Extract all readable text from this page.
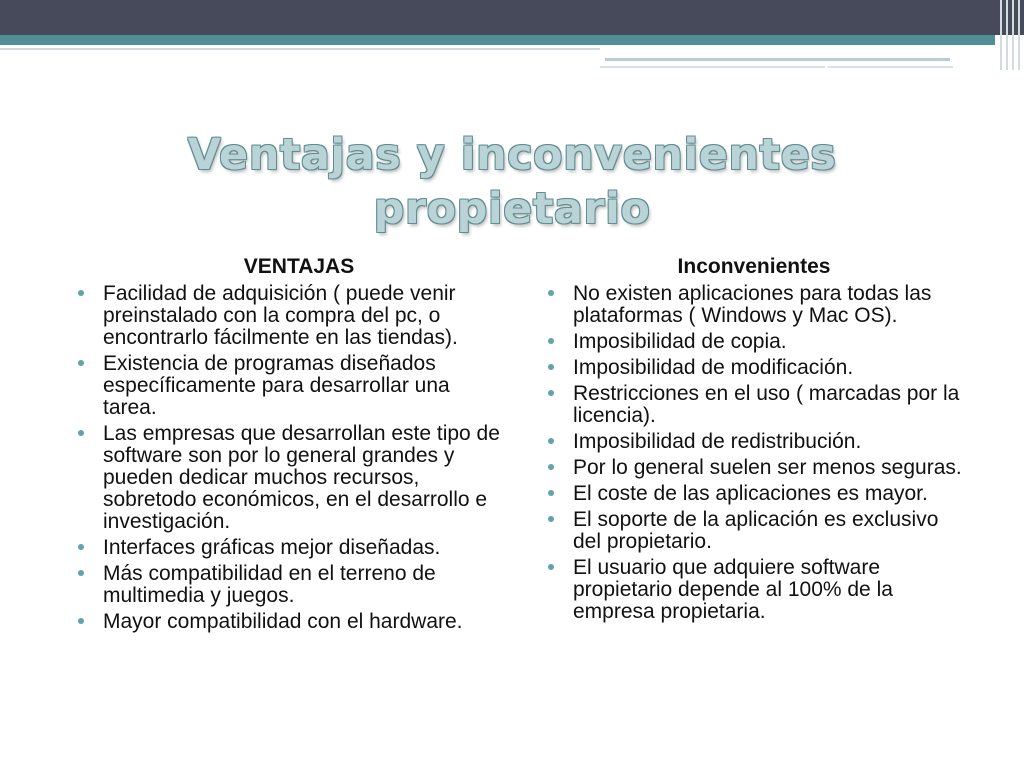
Ventajas y inconvenientes
propietario
VENTAJAS
Facilidad de adquisición ( puede venir preinstalado con la compra del pc, o encontrarlo fácilmente en las tiendas).
Existencia de programas diseñados específicamente para desarrollar una tarea.
Las empresas que desarrollan este tipo de software son por lo general grandes y pueden dedicar muchos recursos, sobretodo económicos, en el desarrollo e investigación.
Interfaces gráficas mejor diseñadas.
Más compatibilidad en el terreno de multimedia y juegos.
Mayor compatibilidad con el hardware.
Inconvenientes
No existen aplicaciones para todas las plataformas ( Windows y Mac OS).
Imposibilidad de copia.
Imposibilidad de modificación.
Restricciones en el uso ( marcadas por la licencia).
Imposibilidad de redistribución.
Por lo general suelen ser menos seguras.
El coste de las aplicaciones es mayor.
El soporte de la aplicación es exclusivo del propietario.
El usuario que adquiere software propietario depende al 100% de la empresa propietaria.
